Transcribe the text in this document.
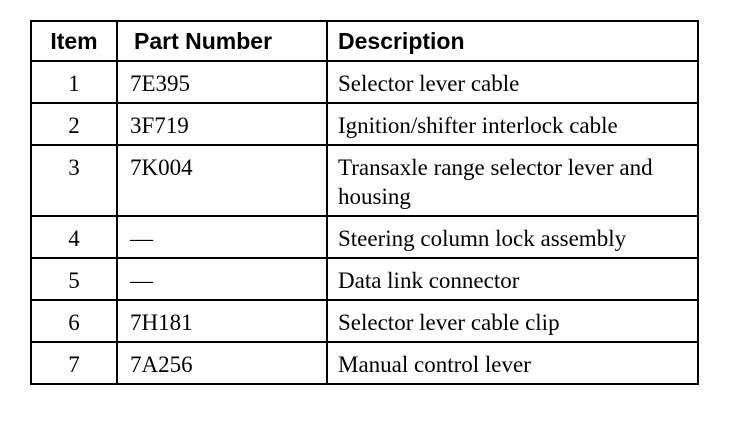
Item	Part Number	Description
1	7E395	Selector lever cable
2	3F719	Ignition/shifter interlock cable
3	7K004	Transaxle range selector lever and housing
4	—	Steering column lock assembly
5	—	Data link connector
6	7H181	Selector lever cable clip
7	7A256	Manual control lever
